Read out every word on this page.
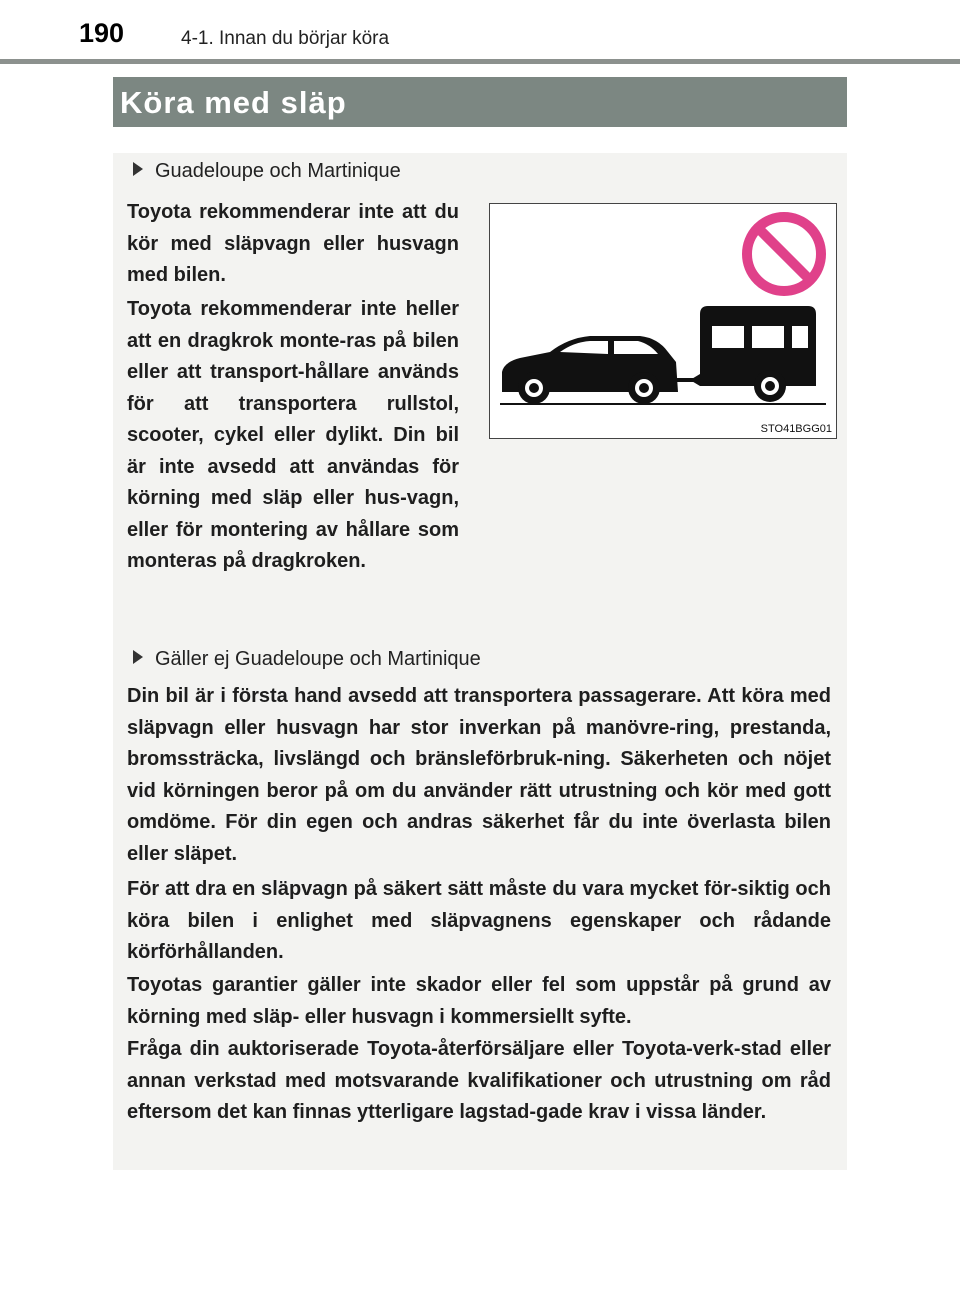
190	4-1. Innan du börjar köra
Köra med släp
Guadeloupe och Martinique

Toyota rekommenderar inte att du kör med släpvagn eller husvagn med bilen.

Toyota rekommenderar inte heller att en dragkrok monte-ras på bilen eller att transport-hållare används för att transportera rullstol, scooter, cykel eller dylikt. Din bil är inte avsedd att användas för körning med släp eller hus-vagn, eller för montering av hållare som monteras på dragkroken.

STO41BGG01
Gäller ej Guadeloupe och Martinique

Din bil är i första hand avsedd att transportera passagerare. Att köra med släpvagn eller husvagn har stor inverkan på manövre-ring, prestanda, bromssträcka, livslängd och bränsleförbruk-ning. Säkerheten och nöjet vid körningen beror på om du använder rätt utrustning och kör med gott omdöme. För din egen och andras säkerhet får du inte överlasta bilen eller släpet.

För att dra en släpvagn på säkert sätt måste du vara mycket för-siktig och köra bilen i enlighet med släpvagnens egenskaper och rådande körförhållanden.

Toyotas garantier gäller inte skador eller fel som uppstår på grund av körning med släp- eller husvagn i kommersiellt syfte.

Fråga din auktoriserade Toyota-återförsäljare eller Toyota-verk-stad eller annan verkstad med motsvarande kvalifikationer och utrustning om råd eftersom det kan finnas ytterligare lagstad-gade krav i vissa länder.
